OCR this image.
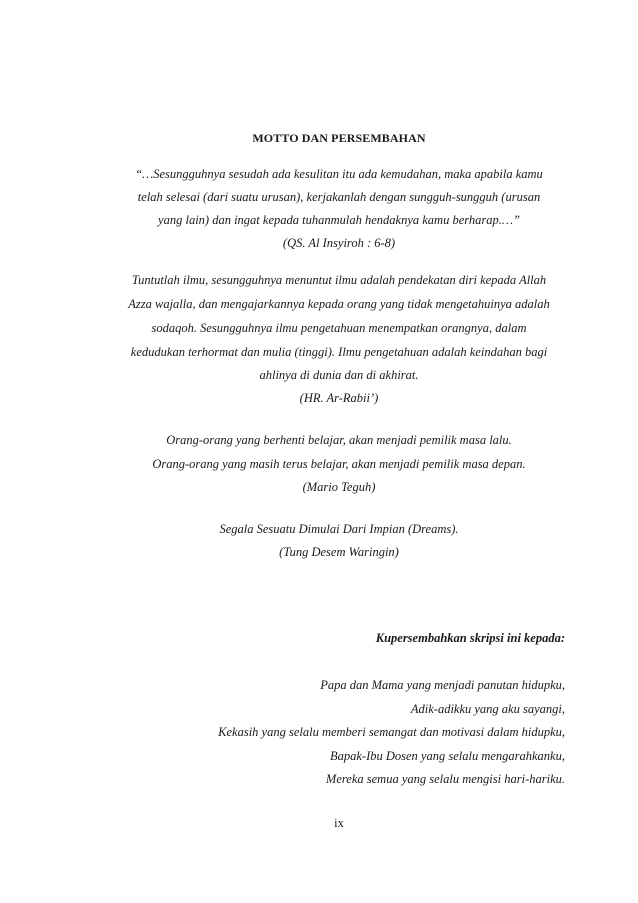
MOTTO DAN PERSEMBAHAN
“…Sesungguhnya sesudah ada kesulitan itu ada kemudahan, maka apabila kamu
telah selesai (dari suatu urusan), kerjakanlah dengan sungguh-sungguh (urusan
yang lain) dan ingat kepada tuhanmulah hendaknya kamu berharap.…”
(QS. Al Insyiroh : 6-8)
Tuntutlah ilmu, sesungguhnya menuntut ilmu adalah pendekatan diri kepada Allah
Azza wajalla, dan mengajarkannya kepada orang yang tidak mengetahuinya adalah
sodaqoh. Sesungguhnya ilmu pengetahuan menempatkan orangnya, dalam
kedudukan terhormat dan mulia (tinggi). Ilmu pengetahuan adalah keindahan bagi
ahlinya di dunia dan di akhirat.
(HR. Ar-Rabii’)
Orang-orang yang berhenti belajar, akan menjadi pemilik masa lalu.
Orang-orang yang masih terus belajar, akan menjadi pemilik masa depan.
(Mario Teguh)
Segala Sesuatu Dimulai Dari Impian (Dreams).
(Tung Desem Waringin)
Kupersembahkan skripsi ini kepada:
Papa dan Mama yang menjadi panutan hidupku,
Adik-adikku yang aku sayangi,
Kekasih yang selalu memberi semangat dan motivasi dalam hidupku,
Bapak-Ibu Dosen yang selalu mengarahkanku,
Mereka semua yang selalu mengisi hari-hariku.
ix
